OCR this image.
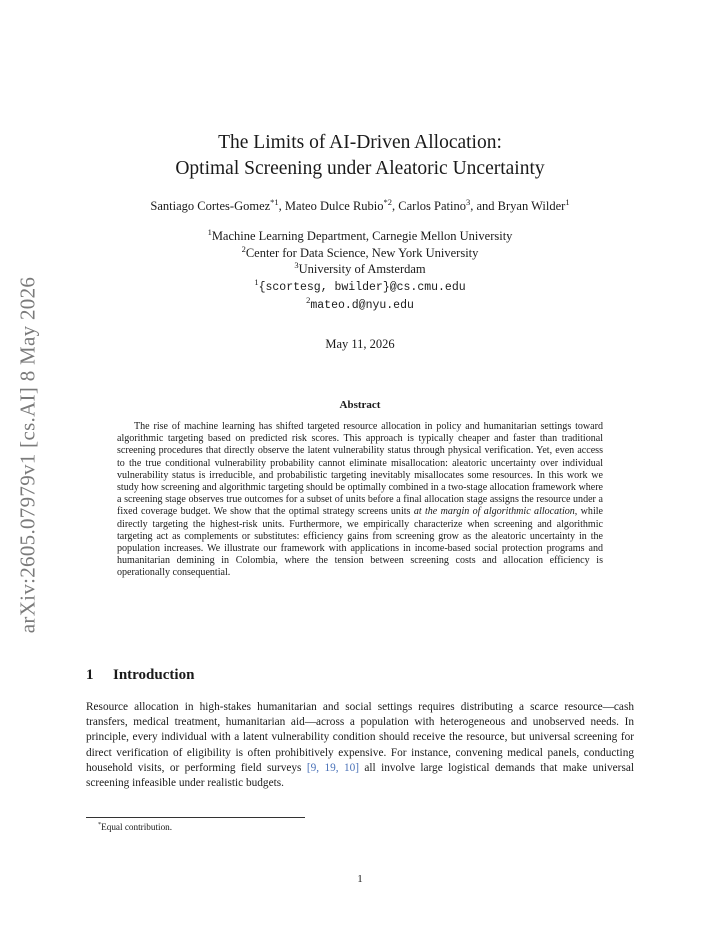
arXiv:2605.07979v1 [cs.AI] 8 May 2026
The Limits of AI-Driven Allocation:
Optimal Screening under Aleatoric Uncertainty
Santiago Cortes-Gomez$^{*1}$, Mateo Dulce Rubio$^{*2}$, Carlos Patino$^3$, and Bryan Wilder$^1$
$^1$Machine Learning Department, Carnegie Mellon University
$^2$Center for Data Science, New York University
$^3$University of Amsterdam
$^1${scortesg, bwilder}@cs.cmu.edu
$^2$mateo.d@nyu.edu
May 11, 2026
Abstract
The rise of machine learning has shifted targeted resource allocation in policy and humanitarian settings toward algorithmic targeting based on predicted risk scores. This approach is typically cheaper and faster than traditional screening procedures that directly observe the latent vulnerability status through physical verification. Yet, even access to the true conditional vulnerability probability cannot eliminate misallocation: aleatoric uncertainty over individual vulnerability status is irreducible, and probabilistic targeting inevitably misallocates some resources. In this work we study how screening and algorithmic targeting should be optimally combined in a two-stage allocation framework where a screening stage observes true outcomes for a subset of units before a final allocation stage assigns the resource under a fixed coverage budget. We show that the optimal strategy screens units at the margin of algorithmic allocation, while directly targeting the highest-risk units. Furthermore, we empirically characterize when screening and algorithmic targeting act as complements or substitutes: efficiency gains from screening grow as the aleatoric uncertainty in the population increases. We illustrate our framework with applications in income-based social protection programs and humanitarian demining in Colombia, where the tension between screening costs and allocation efficiency is operationally consequential.
1 Introduction
Resource allocation in high-stakes humanitarian and social settings requires distributing a scarce resource—cash transfers, medical treatment, humanitarian aid—across a population with heterogeneous and unobserved needs. In principle, every individual with a latent vulnerability condition should receive the resource, but universal screening for direct verification of eligibility is often prohibitively expensive. For instance, convening medical panels, conducting household visits, or performing field surveys [9, 19, 10] all involve large logistical demands that make universal screening infeasible under realistic budgets.
*Equal contribution.
1
